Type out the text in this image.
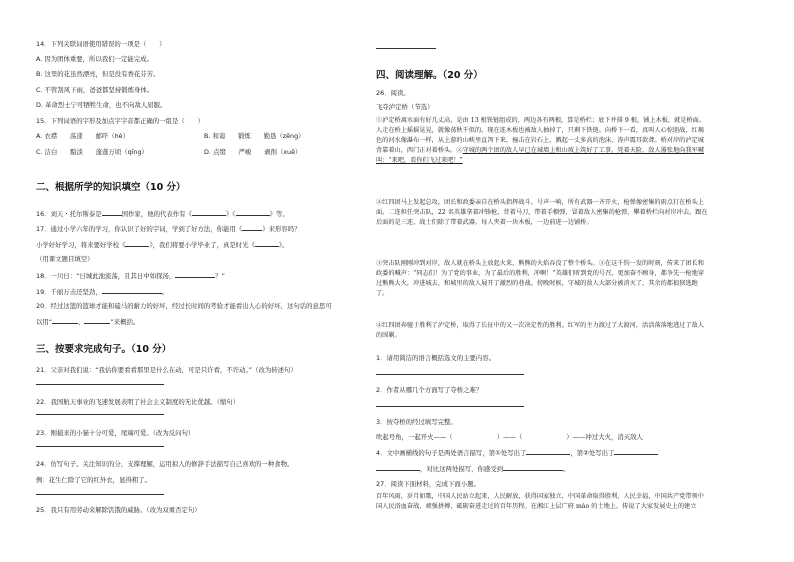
14．下列关联词语使用错误的一项是（　　）
A. 因为团体重要，所以我们一定能完成。
B. 这里的花虽然漂亮，但是没有香花芬芳。
C. 不管刮风下雨，爸爸都坚持锻炼身体。
D. 革命烈士宁可牺牲生命，也不向敌人屈服。
15．下列词语的字形及加点字字音都正确的一组是（　　）
A. 衣襟　　荡漾　　邮吓（hè）	B. 和蔼　　锻炼　　勤恳（zēng）
C. 洁白　　黯淡　　蓬蓬万顷（qīng）	D. 点缀　　严峻　　剥削（xuē）
二、根据所学的知识填空（10 分）
16．刘天・托尔斯泰是	国作家，他的代表作有《	》《	》等。
17．通过小学六年的学习，你认识了好的字词，学到了好方法，你能用《	》来形容吗？
小学好好学习，将来要好学校《	》，我们将要小学毕业了，真是时光《	》。
（用课文题目填空）
18．一川日：“日城此池流荡，且其日中如探汤，	？”
19．千丽万击还坚劲，	。
20．经过这篮的篮球才能和磕马的耐力的好坏，经过长时间的考验才能看出人心的好坏，这句话的意思可
以用“	，	”来概括。
三、按要求完成句子。（10 分）
21．父亲对我们说：“我估你要看看那里是什么在动，可是只许看，不许动。”（改为转述句）
22．我国航天事业的飞速发展表明了社会主义制度的无比优越。（缩句）
23．刚捕来的小猫十分可爱，尾端可爱。（改为反问句）
24．仿写句子。关注知识的分，支撑理解，运用拟人的修辞手法描写自己喜欢的一种食物。
例：花生仁除了它的红外衣，显得粗了。
25．我只有用劳动来解除饥饿的威胁。（改为双重否定句）
四、阅读理解。（20 分）
26．阅读。
飞夺泸定桥（节选）
①泸定桥离水面有好几丈高，是由 13 根铁链组成的，两边各有两根，算是桥栏；底下并排 9 根，铺上木板，就是桥面。人走在桥上摇摇晃晃，就像荡秋千似的。现在连木板也被敌人抽掉了，只剩下铁链。向桥下一看，真叫人心惊胆战，红褐色的河水像瀑布一样，从上游的山峡里直泻下来，撞击在岩石上，溅起一丈多高的泡沫，涛声震耳欲聋。桥对岸的泸定城背靠着山，西门正对着桥头。②守城的两个团的敌人早已在城墙上和山坡上筑好了工事，凭着天险，敌人嚣张地向我军喊叫：“来吧，看你们飞过来吧！”
②红四团马上发起总攻。团长和政委亲自在桥头指挥战斗。号声一响，所有武器一齐开火，枪弹像密集的雨点打在桥头上面。二连担任突击队，22 名英雄拿着冲锋枪，背着马刀，带着手榴弹，冒着敌人密集的枪弹，攀着桥栏向对岸冲去。跟在后面的是三连，战士们除了带着武器，每人夹着一块木板，一边前进一边铺桥。
③突击队刚刚冲到对岸，敌人就在桥头上放起火来，熊熊的火焰吞没了整个桥头。③在这千钧一发的时刻，传来了团长和政委的喊声：“同志们！为了党的事业，为了最后的胜利，冲啊！”英雄们听到党的号召，更加奋不顾身，都争先一枪地穿过熊熊大火，冲进城去，和城里的敌人展开了激烈的巷战。傍晚时候，守城的敌人大部分被消灭了，其余的都狼狈逃跑了。
④红四团奔驰于胜利了泸定桥，取得了长征中的又一次决定性的胜利。红军的主力渡过了大渡河，活活落落地逃过了敌人的围剿。
1．请用简洁的语言概括选文的主要内容。
2．作者从哪几个方面写了夺桥之难？
3．按夺桥的经过填写完整。
吹起号角，一起开火——（	）——（	）——冲过大火，消灭敌人
4．文中画横线的句子是两处语言描写，第①处写出了	，第②处写出了
，对比这两处描写，你感受到	。
27．阅读下面材料，完成下面小题。
百年风雨，岁月如歌，中国人民站立起来，人民解放，获得国家独立，中国革命取得胜利，人民幸福，中国共产党带领中国人民浴血奋战、顽强拼搏，砥砺奋进走过的百年历程。在湘江上层广府 mào 的土地上，传说了大家发展史上的建立
